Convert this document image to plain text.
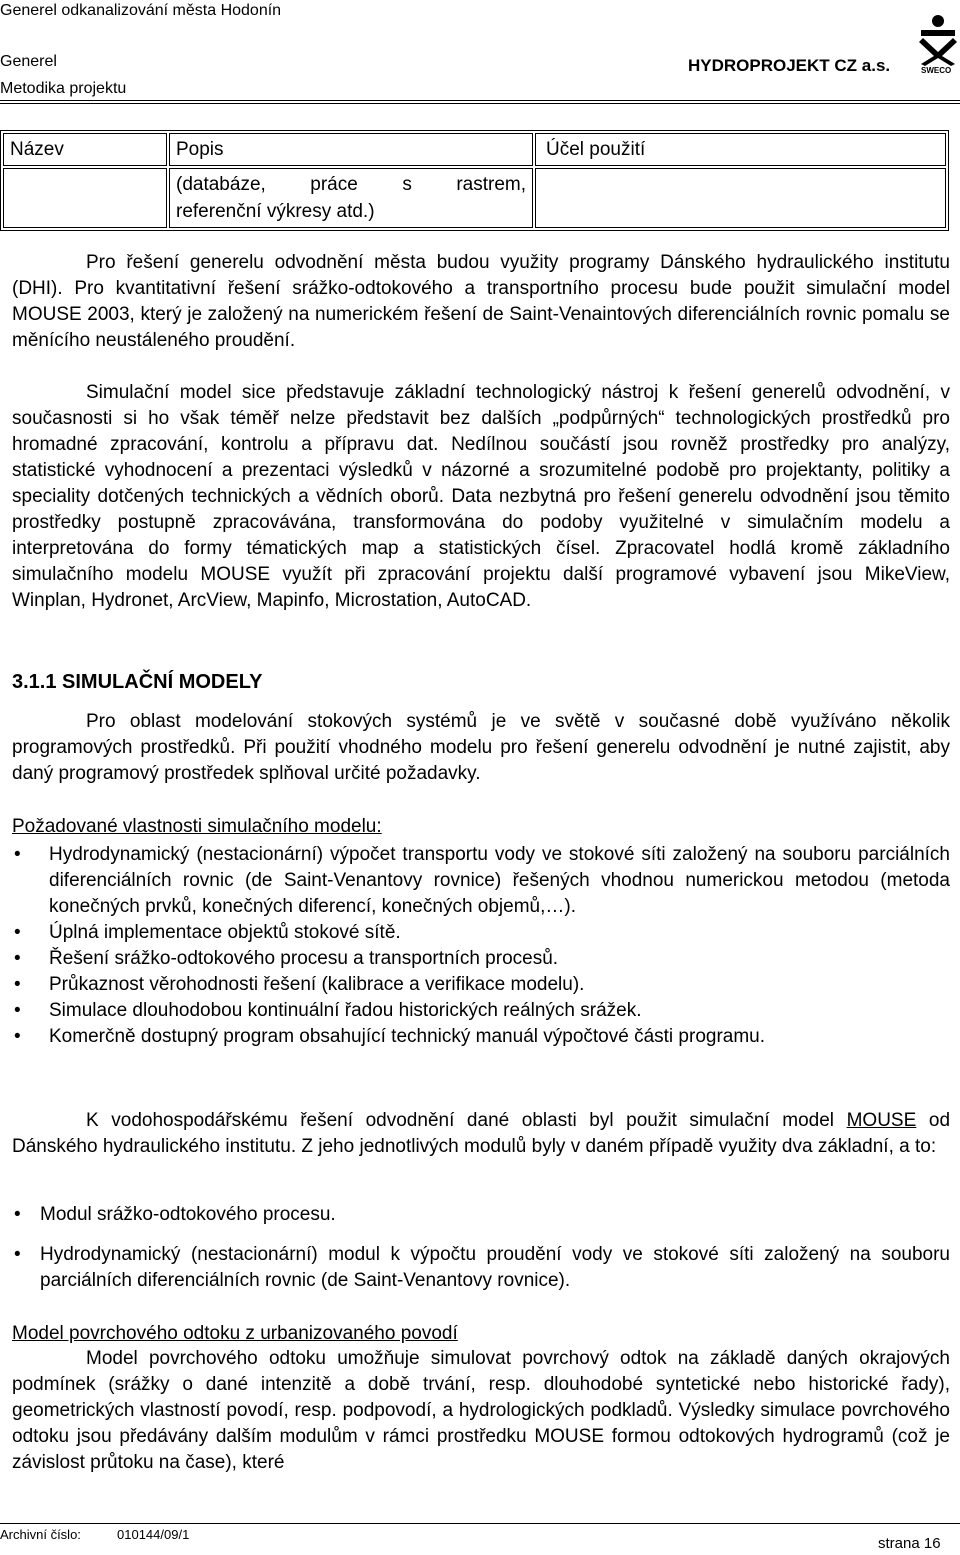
Generel odkanalizování města Hodonín
Generel
Metodika projektu
HYDROPROJEKT CZ a.s.	SWECO
Název	Popis	Účel použití

	(databáze, práce s rastrem,
referenční výkresy atd.)	

Pro řešení generelu odvodnění města budou využity programy Dánského hydraulického institutu (DHI). Pro kvantitativní řešení srážko-odtokového a transportního procesu bude použit simulační model MOUSE 2003, který je založený na numerickém řešení de Saint-Venaintových diferenciálních rovnic pomalu se měnícího neustáleného proudění.
Simulační model sice představuje základní technologický nástroj k řešení generelů odvodnění, v současnosti si ho však téměř nelze představit bez dalších „podpůrných“ technologických prostředků pro hromadné zpracování, kontrolu a přípravu dat. Nedílnou součástí jsou rovněž prostředky pro analýzy, statistické vyhodnocení a prezentaci výsledků v názorné a srozumitelné podobě pro projektanty, politiky a speciality dotčených technických a vědních oborů. Data nezbytná pro řešení generelu odvodnění jsou těmito prostředky postupně zpracovávána, transformována do podoby využitelné v simulačním modelu a interpretována do formy tématických map a statistických čísel. Zpracovatel hodlá kromě základního simulačního modelu MOUSE využít při zpracování projektu další programové vybavení jsou MikeView, Winplan, Hydronet, ArcView, Mapinfo, Microstation, AutoCAD.
3.1.1 SIMULAČNÍ MODELY
Pro oblast modelování stokových systémů je ve světě v současné době využíváno několik programových prostředků. Při použití vhodného modelu pro řešení generelu odvodnění je nutné zajistit, aby daný programový prostředek splňoval určité požadavky.
Požadované vlastnosti simulačního modelu:
• Hydrodynamický (nestacionární) výpočet transportu vody ve stokové síti založený na souboru parciálních diferenciálních rovnic (de Saint-Venantovy rovnice) řešených vhodnou numerickou metodou (metoda konečných prvků, konečných diferencí, konečných objemů,…).
• Úplná implementace objektů stokové sítě.
• Řešení srážko-odtokového procesu a transportních procesů.
• Průkaznost věrohodnosti řešení (kalibrace a verifikace modelu).
• Simulace dlouhodobou kontinuální řadou historických reálných srážek.
• Komerčně dostupný program obsahující technický manuál výpočtové části programu.
K vodohospodářskému řešení odvodnění dané oblasti byl použit simulační model MOUSE od Dánského hydraulického institutu. Z jeho jednotlivých modulů byly v daném případě využity dva základní, a to:
• Modul srážko-odtokového procesu.
• Hydrodynamický (nestacionární) modul k výpočtu proudění vody ve stokové síti založený na souboru parciálních diferenciálních rovnic (de Saint-Venantovy rovnice).
Model povrchového odtoku z urbanizovaného povodí
Model povrchového odtoku umožňuje simulovat povrchový odtok na základě daných okrajových podmínek (srážky o dané intenzitě a době trvání, resp. dlouhodobé syntetické nebo historické řady), geometrických vlastností povodí, resp. podpovodí, a hydrologických podkladů. Výsledky simulace povrchového odtoku jsou předávány dalším modulům v rámci prostředku MOUSE formou odtokových hydrogramů (což je závislost průtoku na čase), které
Archivní číslo:	010144/09/1
strana 16
